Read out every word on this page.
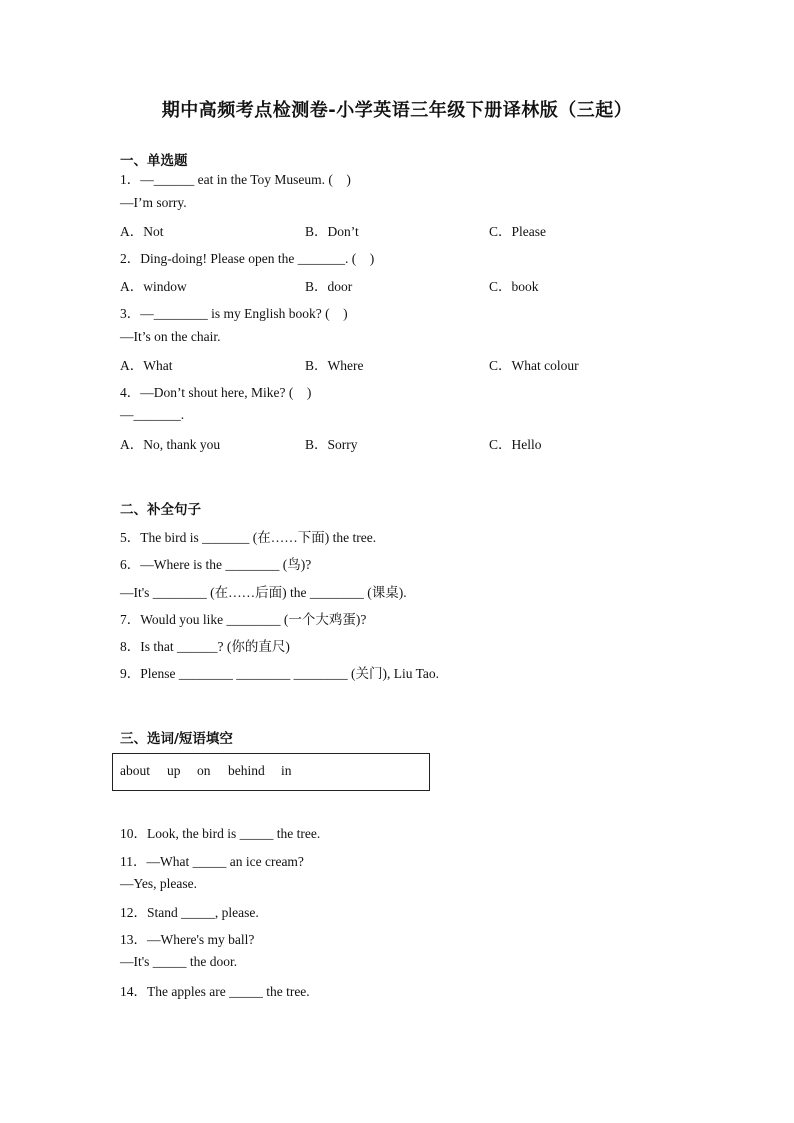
期中高频考点检测卷-小学英语三年级下册译林版（三起）
一、单选题
1．—______ eat in the Toy Museum. (　)
—I’m sorry.
A．Not	B．Don’t	C．Please
2．Ding-doing! Please open the _______. (　)
A．window	B．door	C．book
3．—________ is my English book? (　)
—It’s on the chair.
A．What	B．Where	C．What colour
4．—Don’t shout here, Mike? (　)
—_______.
A．No, thank you	B．Sorry	C．Hello
二、补全句子
5．The bird is _______ (在……下面) the tree.
6．—Where is the ________ (鸟)?
—It's ________ (在……后面) the ________ (课桌).
7．Would you like ________ (一个大鸡蛋)?
8．Is that ______? (你的直尺)
9．Plense ________ ________ ________ (关门), Liu Tao.
三、选词/短语填空
about up on behind in
10．Look, the bird is _____ the tree.
11．—What _____ an ice cream?
—Yes, please.
12．Stand _____, please.
13．—Where's my ball?
—It's _____ the door.
14．The apples are _____ the tree.
